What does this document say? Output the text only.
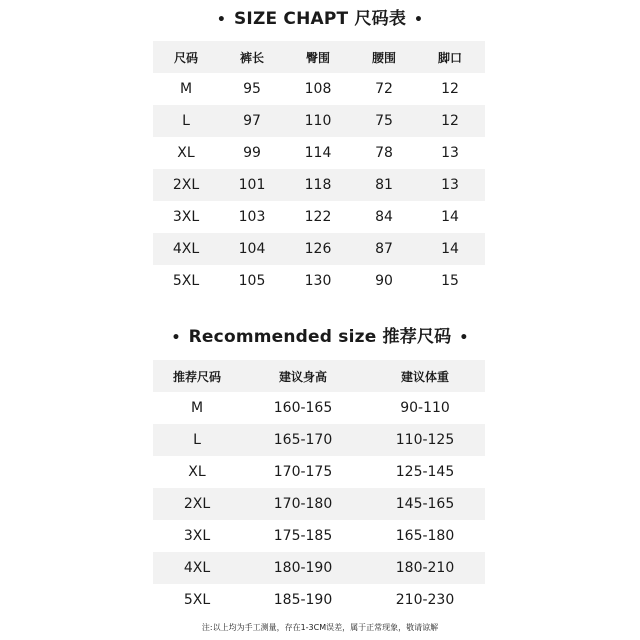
• SIZE CHAPT 尺码表 •
尺码	裤长	臀围	腰围	脚口
M	95	108	72	12
L	97	110	75	12
XL	99	114	78	13
2XL	101	118	81	13
3XL	103	122	84	14
4XL	104	126	87	14
5XL	105	130	90	15
• Recommended size 推荐尺码 •
推荐尺码	建议身高	建议体重
M	160-165	90-110
L	165-170	110-125
XL	170-175	125-145
2XL	170-180	145-165
3XL	175-185	165-180
4XL	180-190	180-210
5XL	185-190	210-230
注:以上均为手工测量，存在1-3CM误差，属于正常现象，敬请谅解
